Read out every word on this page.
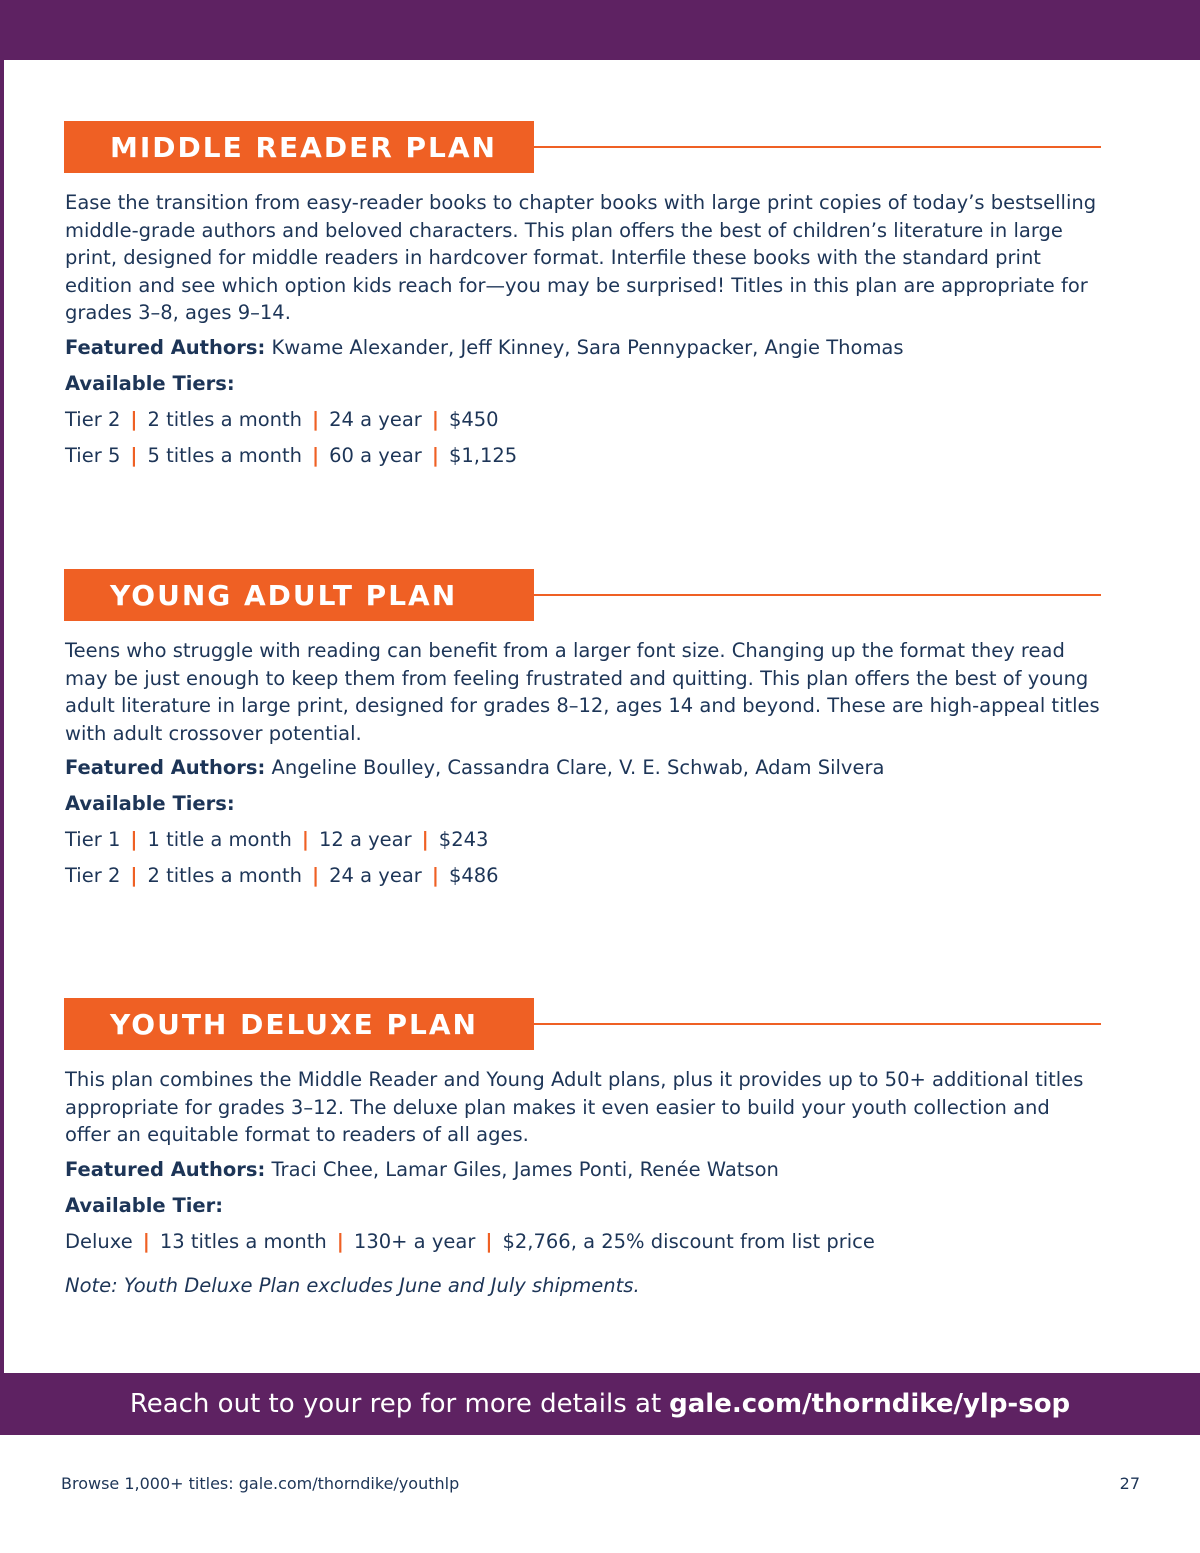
MIDDLE READER PLAN
Ease the transition from easy-reader books to chapter books with large print copies of today’s bestselling middle-grade authors and beloved characters. This plan offers the best of children’s literature in large print, designed for middle readers in hardcover format. Interfile these books with the standard print edition and see which option kids reach for—you may be surprised! Titles in this plan are appropriate for grades 3–8, ages 9–14.
Featured Authors: Kwame Alexander, Jeff Kinney, Sara Pennypacker, Angie Thomas
Available Tiers:
Tier 2 | 2 titles a month | 24 a year | $450
Tier 5 | 5 titles a month | 60 a year | $1,125
YOUNG ADULT PLAN
Teens who struggle with reading can benefit from a larger font size. Changing up the format they read may be just enough to keep them from feeling frustrated and quitting. This plan offers the best of young adult literature in large print, designed for grades 8–12, ages 14 and beyond. These are high-appeal titles with adult crossover potential.
Featured Authors: Angeline Boulley, Cassandra Clare, V. E. Schwab, Adam Silvera
Available Tiers:
Tier 1 | 1 title a month | 12 a year | $243
Tier 2 | 2 titles a month | 24 a year | $486
YOUTH DELUXE PLAN
This plan combines the Middle Reader and Young Adult plans, plus it provides up to 50+ additional titles appropriate for grades 3–12. The deluxe plan makes it even easier to build your youth collection and offer an equitable format to readers of all ages.
Featured Authors: Traci Chee, Lamar Giles, James Ponti, Renée Watson
Available Tier:
Deluxe | 13 titles a month | 130+ a year | $2,766, a 25% discount from list price
Note: Youth Deluxe Plan excludes June and July shipments.
Reach out to your rep for more details at gale.com/thorndike/ylp-sop
Browse 1,000+ titles: gale.com/thorndike/youthlp	27
